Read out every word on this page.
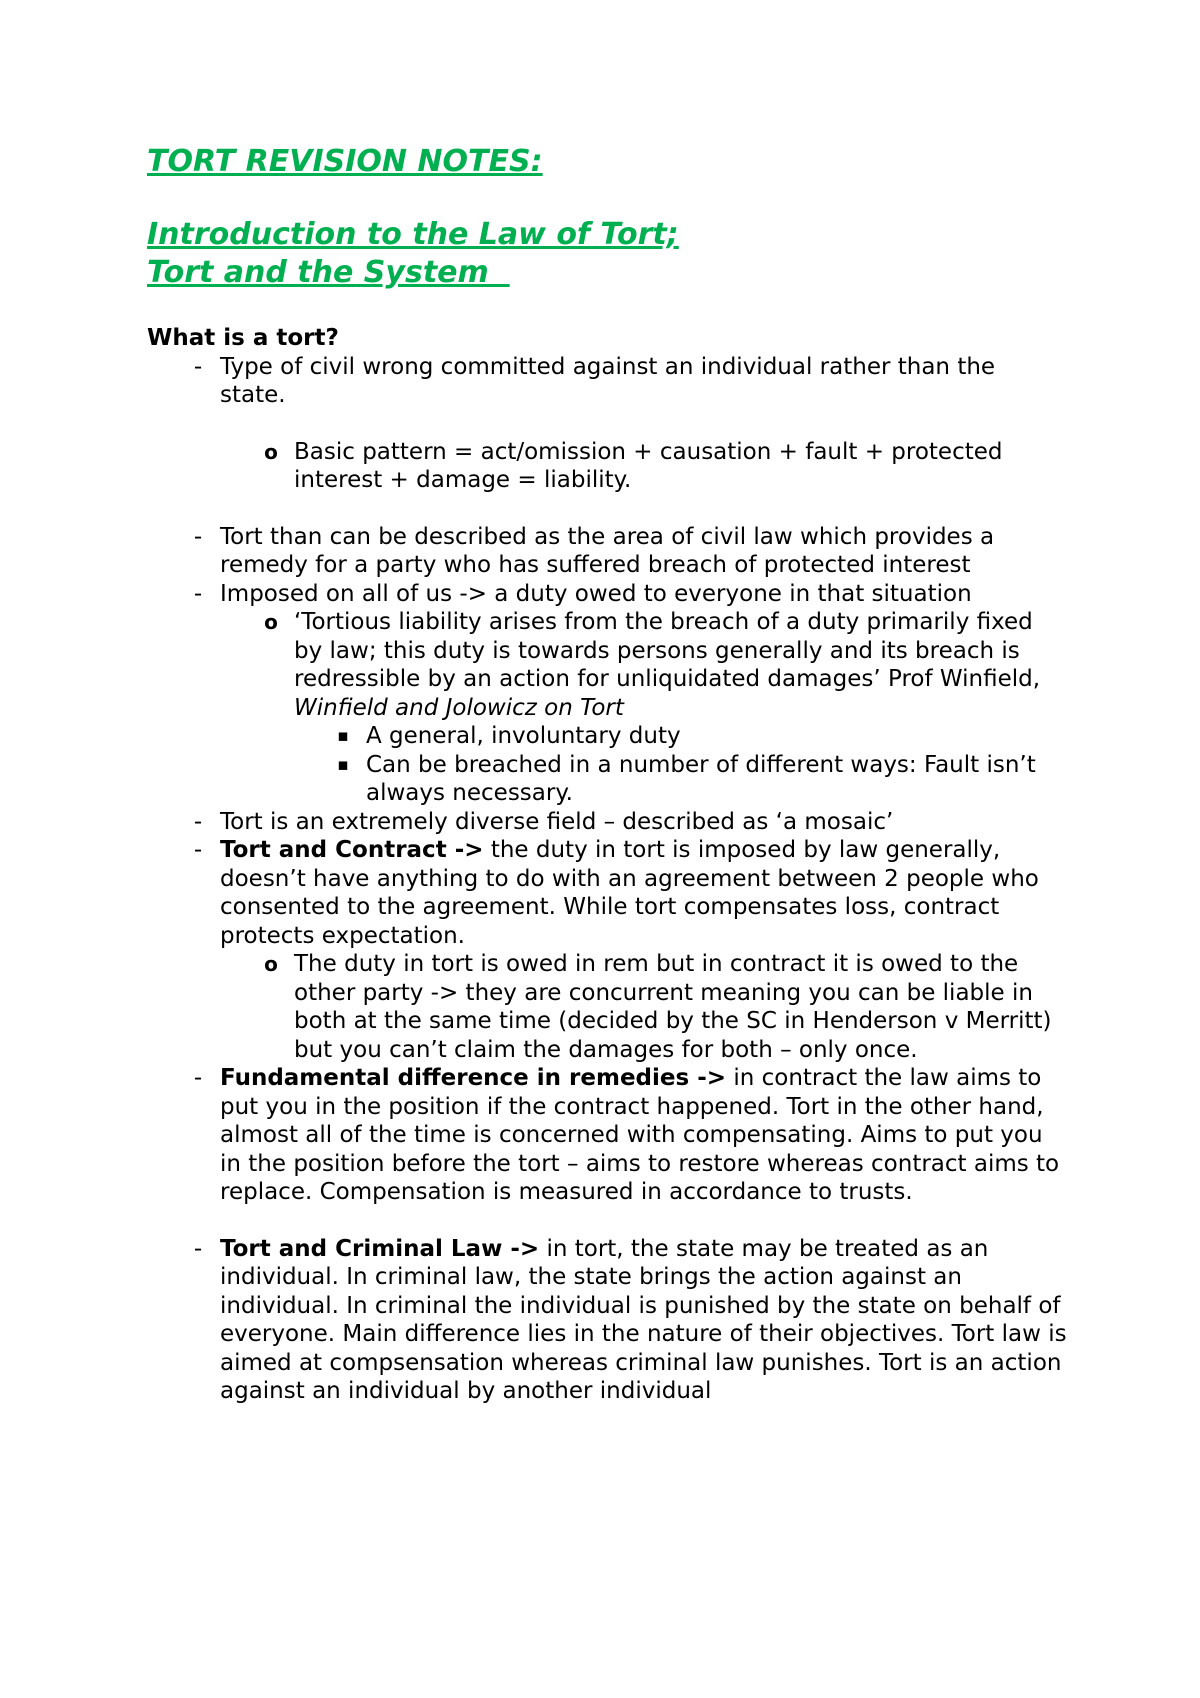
TORT REVISION NOTES:
Introduction to the Law of Tort;
Tort and the System
What is a tort?
- Type of civil wrong committed against an individual rather than the state.
o Basic pattern = act/omission + causation + fault + protected interest + damage = liability.
- Tort than can be described as the area of civil law which provides a remedy for a party who has suffered breach of protected interest
- Imposed on all of us -> a duty owed to everyone in that situation
o ‘Tortious liability arises from the breach of a duty primarily fixed by law; this duty is towards persons generally and its breach is redressible by an action for unliquidated damages’ Prof Winfield, Winfield and Jolowicz on Tort
▪ A general, involuntary duty
▪ Can be breached in a number of different ways: Fault isn’t always necessary.
- Tort is an extremely diverse field – described as ‘a mosaic’
- Tort and Contract -> the duty in tort is imposed by law generally, doesn’t have anything to do with an agreement between 2 people who consented to the agreement. While tort compensates loss, contract protects expectation.
o The duty in tort is owed in rem but in contract it is owed to the other party -> they are concurrent meaning you can be liable in both at the same time (decided by the SC in Henderson v Merritt) but you can’t claim the damages for both – only once.
- Fundamental difference in remedies -> in contract the law aims to put you in the position if the contract happened. Tort in the other hand, almost all of the time is concerned with compensating. Aims to put you in the position before the tort – aims to restore whereas contract aims to replace. Compensation is measured in accordance to trusts.
- Tort and Criminal Law -> in tort, the state may be treated as an individual. In criminal law, the state brings the action against an individual. In criminal the individual is punished by the state on behalf of everyone. Main difference lies in the nature of their objectives. Tort law is aimed at compsensation whereas criminal law punishes. Tort is an action against an individual by another individual
